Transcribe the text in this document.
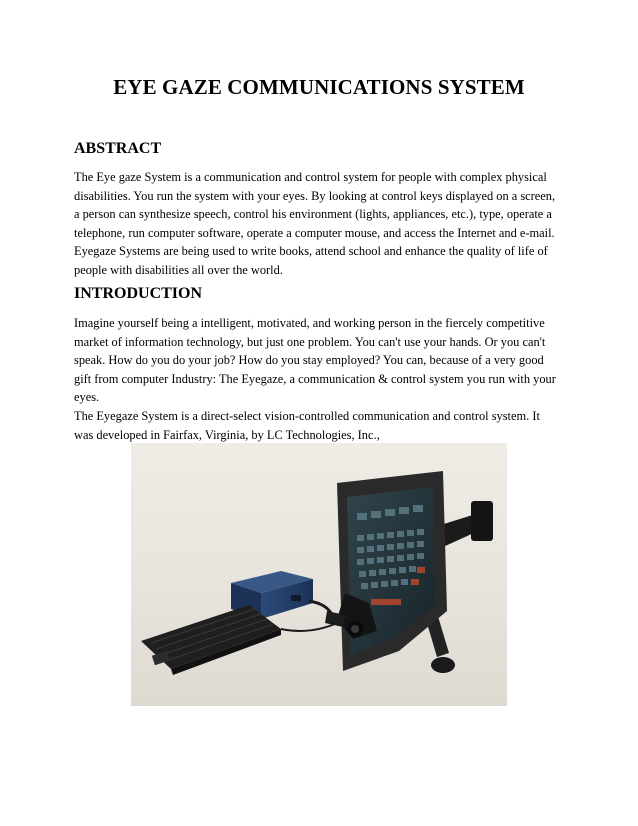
EYE GAZE COMMUNICATIONS SYSTEM
ABSTRACT

The Eye gaze System is a communication and control system for people with complex physical
disabilities. You run the system with your eyes. By looking at control keys displayed on a screen,
a person can synthesize speech, control his environment (lights, appliances, etc.), type, operate a
telephone, run computer software, operate a computer mouse, and access the Internet and e-mail.
Eyegaze Systems are being used to write books, attend school and enhance the quality of life of
people with disabilities all over the world.

INTRODUCTION

Imagine yourself being a intelligent, motivated, and working person in the fiercely competitive
market of information technology, but just one problem. You can't use your hands. Or you can't
speak. How do you do your job? How do you stay employed? You can, because of a very good
gift from computer Industry: The Eyegaze, a communication & control system you run with your
eyes.
The Eyegaze System is a direct-select vision-controlled communication and control system. It
was developed in Fairfax, Virginia, by LC Technologies, Inc.,
